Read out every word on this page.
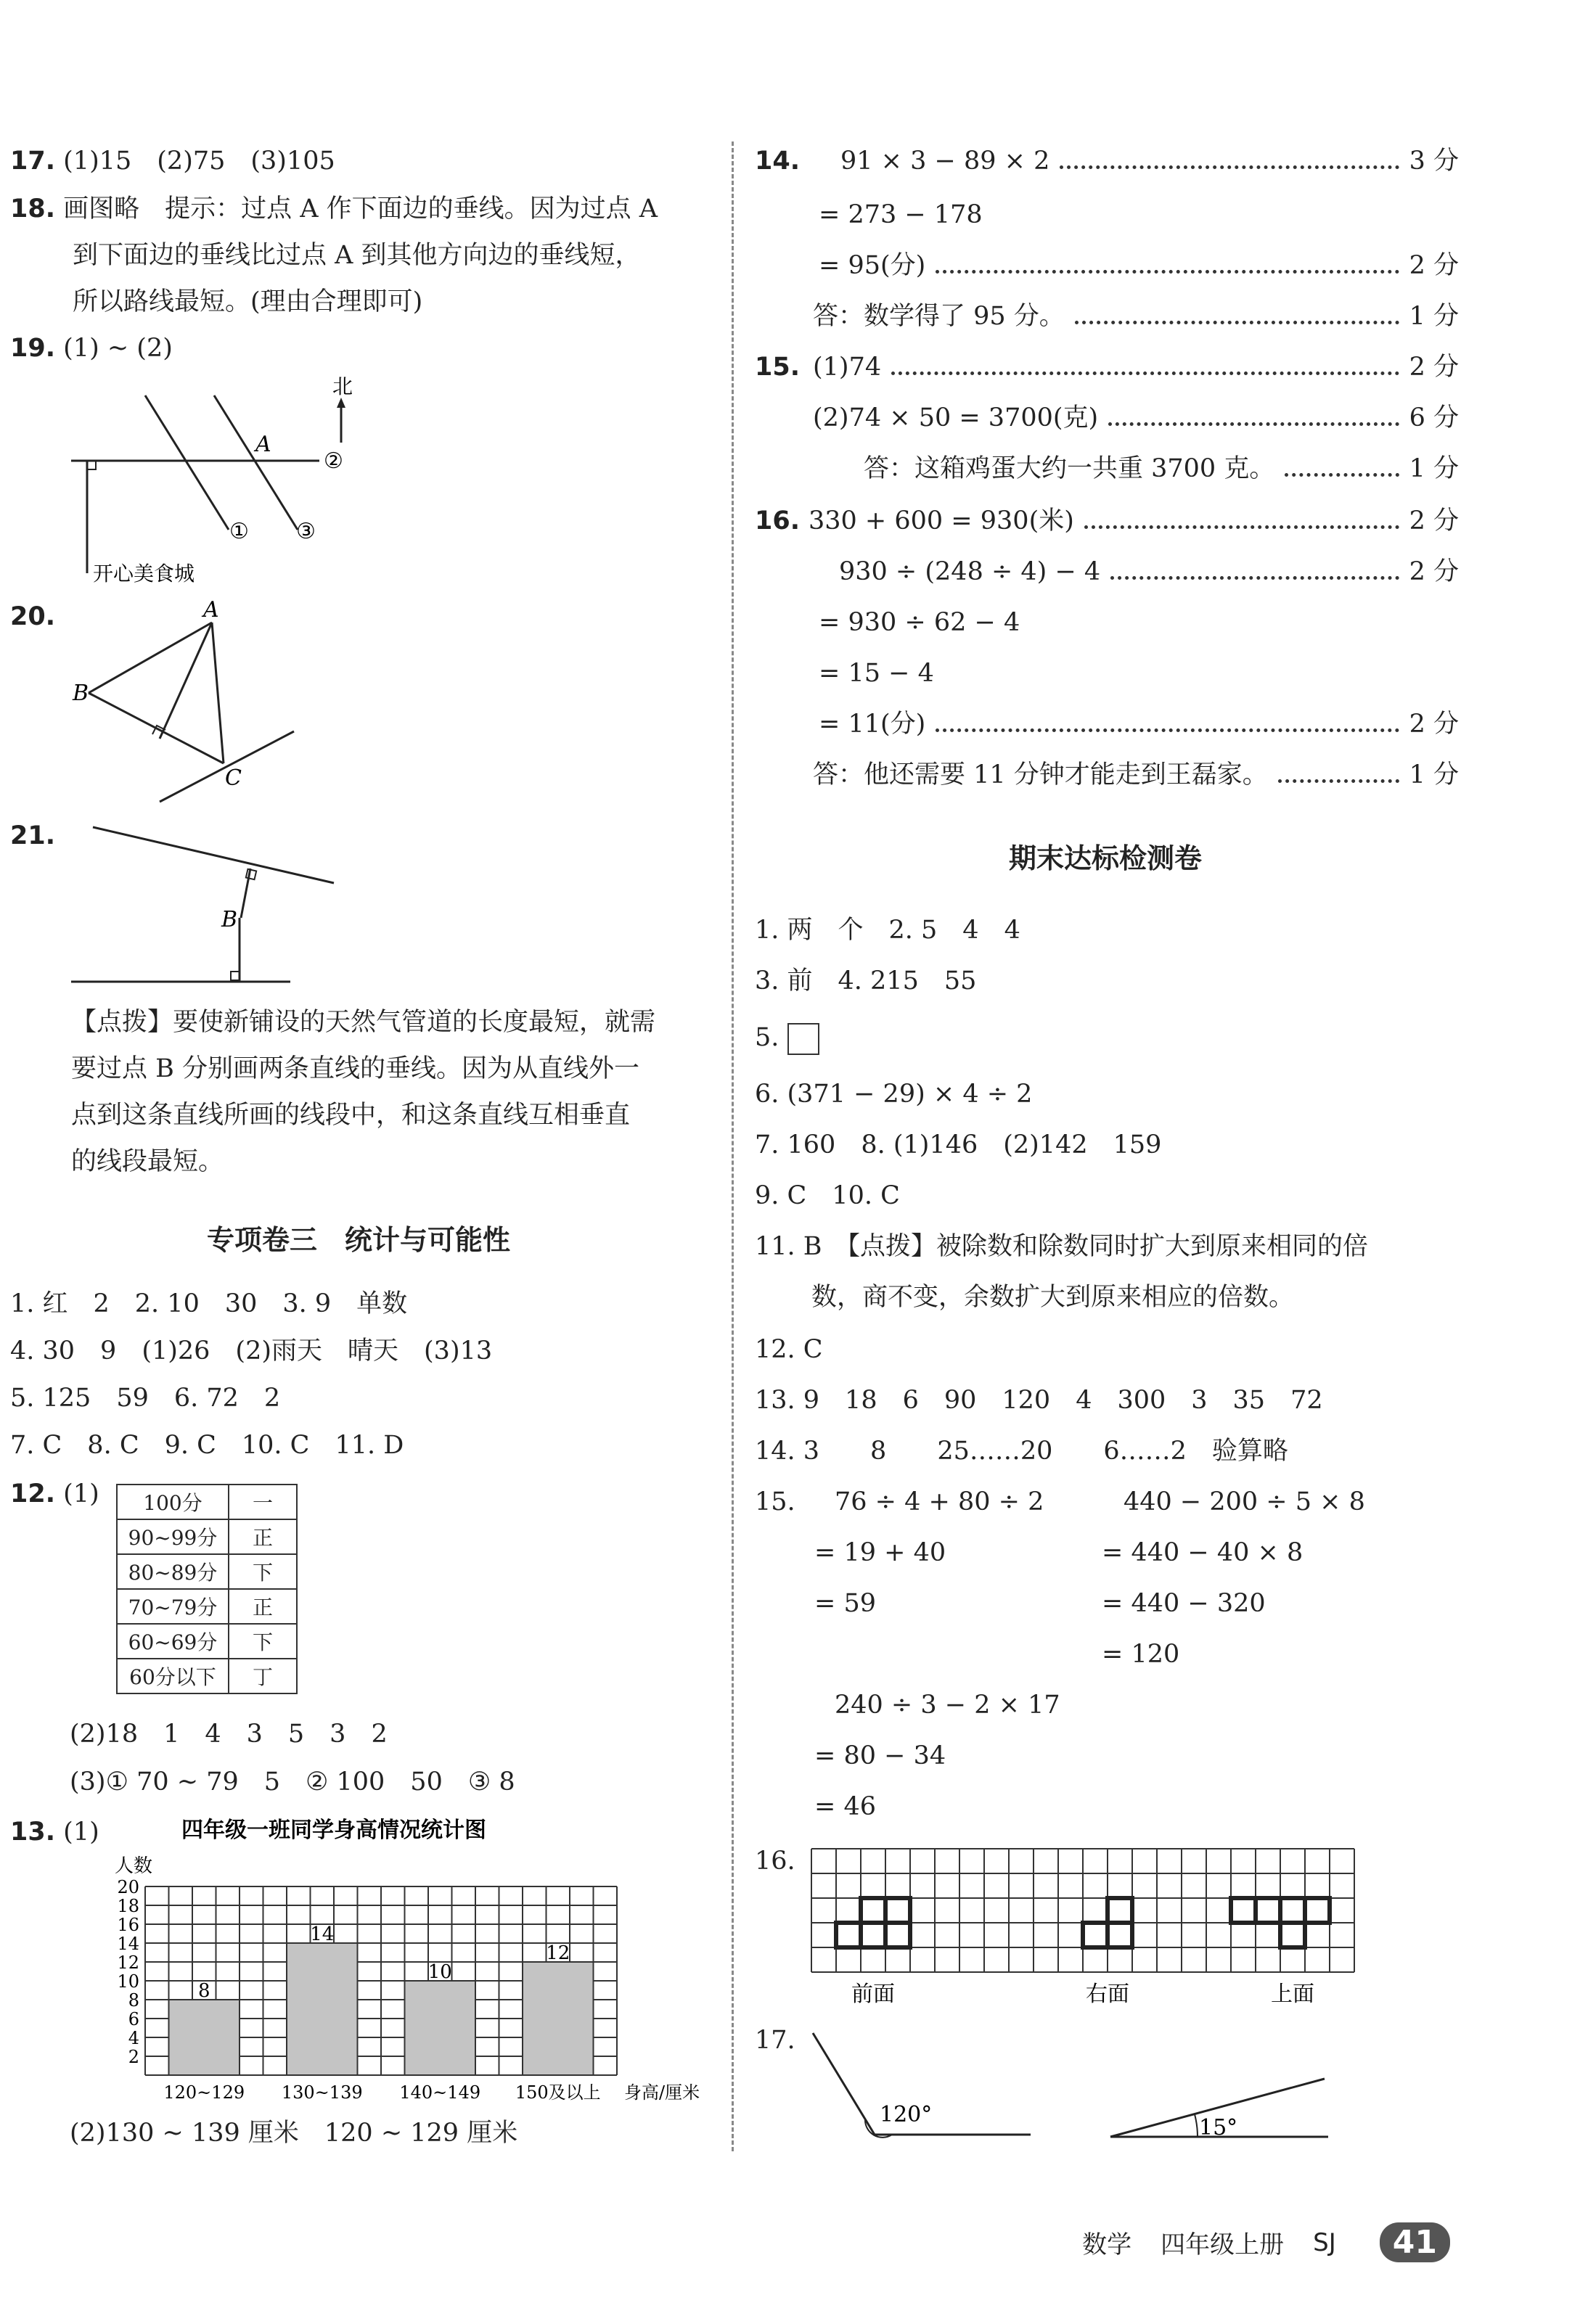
17. (1)15　(2)75　(3)105
18. 画图略　提示：过点 A 作下面边的垂线。因为过点 A
到下面边的垂线比过点 A 到其他方向边的垂线短，
所以路线最短。(理由合理即可)
19. (1) ~ (2)
北
A
②
① ③
开心美食城
20.	A
B
C
21.
B
【点拨】要使新铺设的天然气管道的长度最短，就需
要过点 B 分别画两条直线的垂线。因为从直线外一
点到这条直线所画的线段中，和这条直线互相垂直
的线段最短。
专项卷三　统计与可能性
1. 红　2　2. 10　30　3. 9　单数
4. 30　9　(1)26　(2)雨天　晴天　(3)13
5. 125　59　6. 72　2
7. C　8. C　9. C　10. C　11. D
12. (1) 100分	一
90~99分	正
80~89分	下
70~79分	正
60~69分	下
60分以下	丁
(2)18　1　4　3　5　3　2
(3)① 70 ~ 79　5　② 100　50　③ 8
13. (1)	四年级一班同学身高情况统计图
人数
2
4
6
8
10
12
14
16
18
20
8
120~129
14
130~139
10
140~149
12
150及以上 身高/厘米
(2)130 ~ 139 厘米　120 ~ 129 厘米
14. 91 × 3 − 89 × 2	3 分
= 273 − 178
= 95(分)	2 分
答：数学得了 95 分。	1 分
15. (1)74	2 分
(2)74 × 50 = 3700(克)	6 分
答：这箱鸡蛋大约一共重 3700 克。	1 分
16. 330 + 600 = 930(米)	2 分
930 ÷ (248 ÷ 4) − 4	2 分
= 930 ÷ 62 − 4
= 15 − 4
= 11(分)	2 分
答：他还需要 11 分钟才能走到王磊家。	1 分
期末达标检测卷
1. 两　个　2. 5　4　4
3. 前　4. 215　55
5.
6. (371 − 29) × 4 ÷ 2
7. 160　8. (1)146　(2)142　159
9. C　10. C
11. B　【点拨】被除数和除数同时扩大到原来相同的倍
数，商不变，余数扩大到原来相应的倍数。
12. C
13. 9　18　6　90　120　4　300　3　35　72
14. 3　　8　　25……20　　6……2　验算略
15. 76 ÷ 4 + 80 ÷ 2
= 19 + 40
= 59
440 − 200 ÷ 5 × 8
= 440 − 40 × 8
= 440 − 320
= 120
240 ÷ 3 − 2 × 17
= 80 − 34
= 46
16.
前面	右面	上面
17.
120°
15°
数学 四年级上册 SJ	41
